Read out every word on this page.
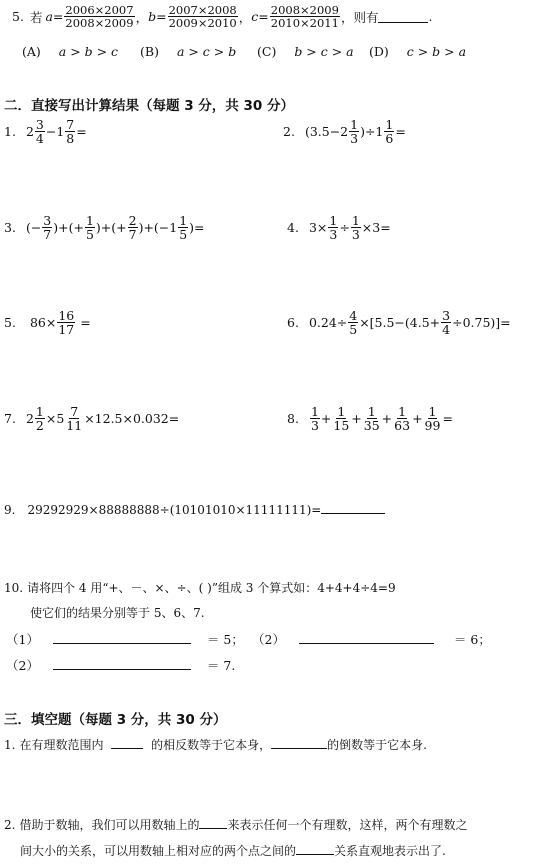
5. 若 $a = \frac{2006\times 2007}{2008\times 2009}$ ， $b = \frac{2007\times 2008}{2009\times 2010}$ ， $c = \frac{2008\times 2009}{2010\times 2011}$ ，则有	.
(A) a > b > c (B) a > c > b (C) b > c > a (D) c > b > a
二．直接写出计算结果（每题 3 分，共 30 分）
1. $2 \frac{3}{4} -1 \frac{7}{8}$ =	2. $(3.5-2 \frac{1}{3} )\div 1 \frac{1}{6}$ =
3. (− $\frac{3}{7}$ )+(+ $\frac{1}{5}$ )+(+ $\frac{2}{7} )+(-1 \frac{1}{5}$ )=	4. $3\times \frac{1}{3} \div \frac{1}{3} \times 3=$
5. $86\times \frac{16}{17}$ =	6. $0.24\div \frac{4}{5} \times[5.5-(4.5+ \frac{3}{4} \div 0.75)]=$
7. $2 \frac{1}{2} \times 5 \frac{7}{11} \times 12.5\times 0.032=$	8. $\frac{1}{3} + \frac{1}{15} + \frac{1}{35} + \frac{1}{63} + \frac{1}{99}$ =
9. 29292929×88888888÷(10101010×11111111)=
10. 请将四个 4 用“+、－、×、÷、( )”组成 3 个算式如：4+4+4÷4=9
使它们的结果分别等于 5、6、7.
（1）	＝ 5； （2）	＝ 6；
（2）	＝ 7.
三．填空题（每题 3 分，共 30 分）
1. 在有理数范围内	的相反数等于它本身，	的倒数等于它本身.
2. 借助于数轴，我们可以用数轴上的 来表示任何一个有理数，这样，两个有理数之
间大小的关系，可以用数轴上相对应的两个点之间的	关系直观地表示出了.
